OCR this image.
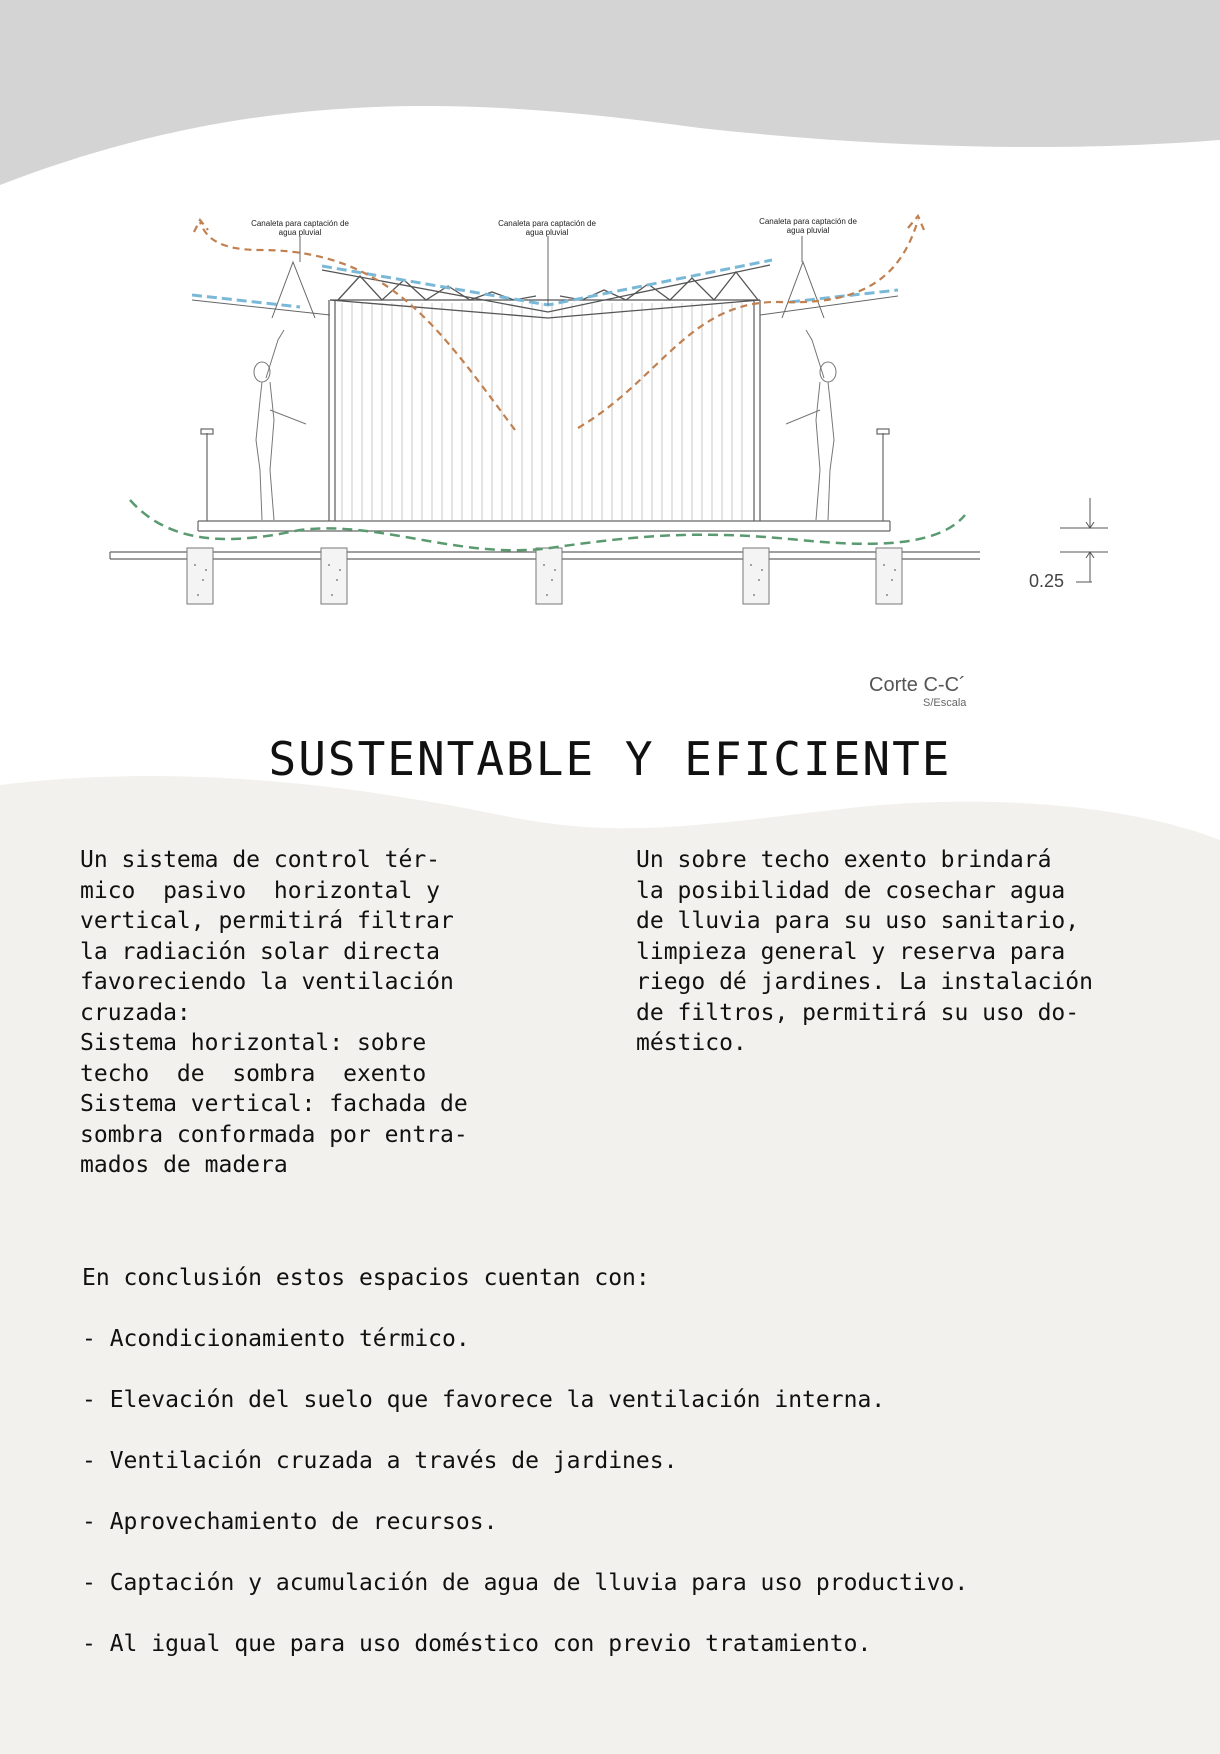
Canaleta para captación de
agua pluvial
Canaleta para captación de
agua pluvial
Canaleta para captación de
agua pluvial
0.25
Corte C-C´
S/Escala
SUSTENTABLE Y EFICIENTE

Un sistema de control tér-
mico  pasivo  horizontal y
vertical, permitirá filtrar
la radiación solar directa
favoreciendo la ventilación
cruzada:
Sistema horizontal: sobre
techo  de  sombra  exento
Sistema vertical: fachada de
sombra conformada por entra-
mados de madera

Un sobre techo exento brindará
la posibilidad de cosechar agua
de lluvia para su uso sanitario,
limpieza general y reserva para
riego dé jardines. La instalación
de filtros, permitirá su uso do-
méstico.

En conclusión estos espacios cuentan con:

- Acondicionamiento térmico.

- Elevación del suelo que favorece la ventilación interna.

- Ventilación cruzada a través de jardines.

- Aprovechamiento de recursos.

- Captación y acumulación de agua de lluvia para uso productivo.

- Al igual que para uso doméstico con previo tratamiento.
